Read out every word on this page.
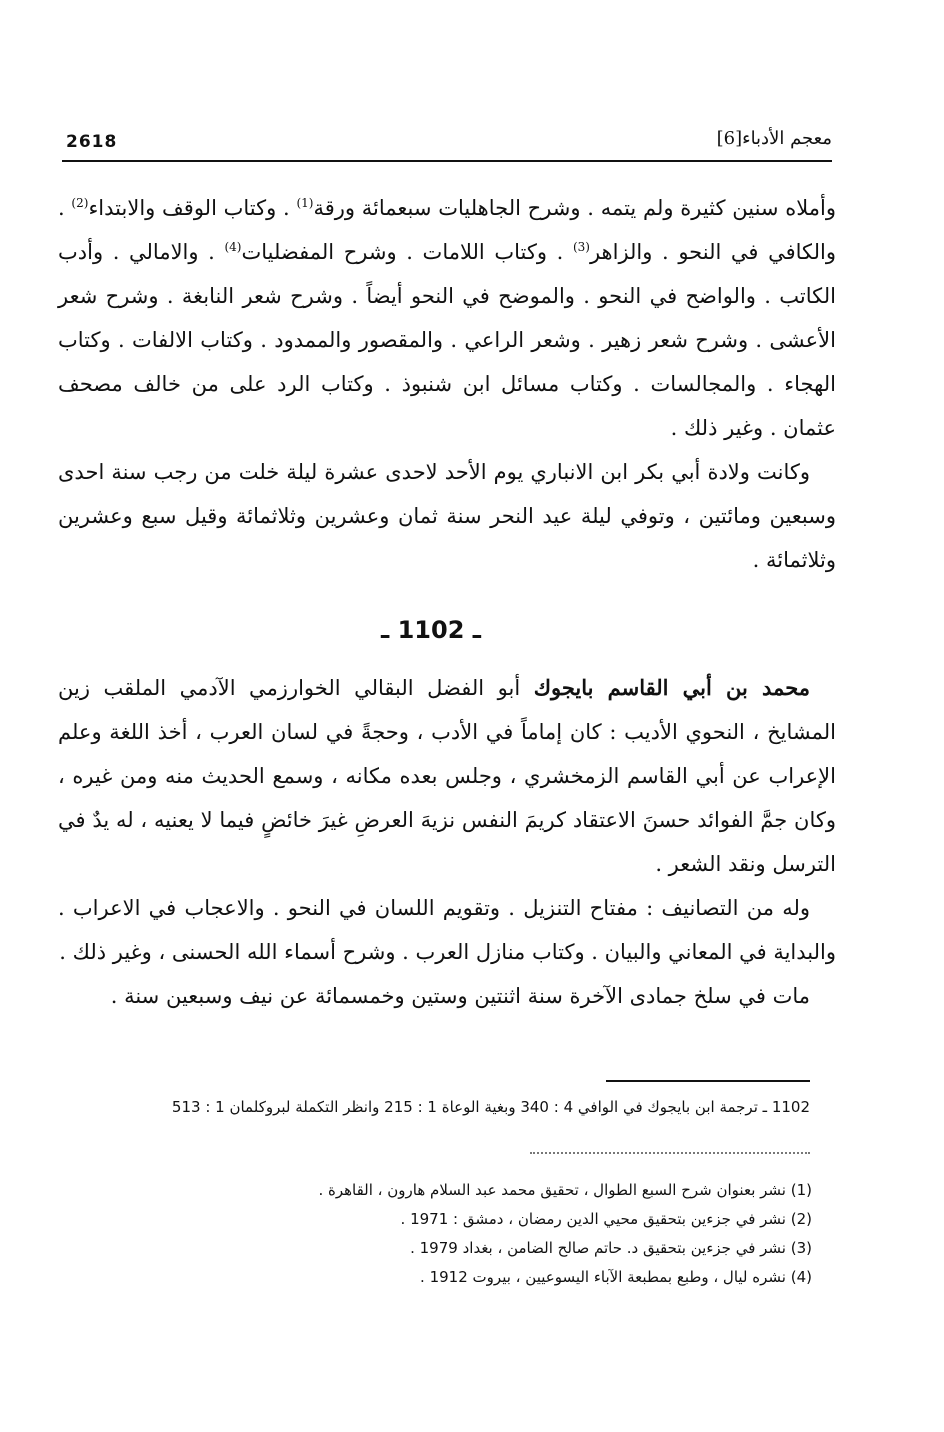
2618	معجم الأدباء[6]

وأملاه سنين كثيرة ولم يتمه . وشرح الجاهليات سبعمائة ورقة$^{(1)}$ . وكتاب الوقف والابتداء$^{(2)}$ . والكافي في النحو . والزاهر$^{(3)}$ . وكتاب اللامات . وشرح المفضليات$^{(4)}$ . والامالي . وأدب الكاتب . والواضح في النحو . والموضح في النحو أيضاً . وشرح شعر النابغة . وشرح شعر الأعشى . وشرح شعر زهير . وشعر الراعي . والمقصور والممدود . وكتاب الالفات . وكتاب الهجاء . والمجالسات . وكتاب مسائل ابن شنبوذ . وكتاب الرد على من خالف مصحف عثمان . وغير ذلك .

وكانت ولادة أبي بكر ابن الانباري يوم الأحد لاحدى عشرة ليلة خلت من رجب سنة احدى وسبعين ومائتين ، وتوفي ليلة عيد النحر سنة ثمان وعشرين وثلاثمائة وقيل سبع وعشرين وثلاثمائة .

ـ 1102 ـ

محمد بن أبي القاسم بايجوك أبو الفضل البقالي الخوارزمي الآدمي الملقب زين المشايخ ، النحوي الأديب : كان إماماً في الأدب ، وحجةً في لسان العرب ، أخذ اللغة وعلم الإعراب عن أبي القاسم الزمخشري ، وجلس بعده مكانه ، وسمع الحديث منه ومن غيره ، وكان جمَّ الفوائد حسنَ الاعتقاد كريمَ النفس نزيهَ العرضِ غيرَ خائضٍ فيما لا يعنيه ، له يدٌ في الترسل ونقد الشعر .

وله من التصانيف : مفتاح التنزيل . وتقويم اللسان في النحو . والاعجاب في الاعراب . والبداية في المعاني والبيان . وكتاب منازل العرب . وشرح أسماء الله الحسنى ، وغير ذلك .

مات في سلخ جمادى الآخرة سنة اثنتين وستين وخمسمائة عن نيف وسبعين سنة .

1102 ـ ترجمة ابن بايجوك في الوافي 4 : 340 وبغية الوعاة 1 : 215 وانظر التكملة لبروكلمان 1 : 513
(1) نشر بعنوان شرح السبع الطوال ، تحقيق محمد عبد السلام هارون ، القاهرة .
(2) نشر في جزءين بتحقيق محيي الدين رمضان ، دمشق : 1971 .
(3) نشر في جزءين بتحقيق د. حاتم صالح الضامن ، بغداد 1979 .
(4) نشره ليال ، وطبع بمطبعة الآباء اليسوعيين ، بيروت 1912 .
